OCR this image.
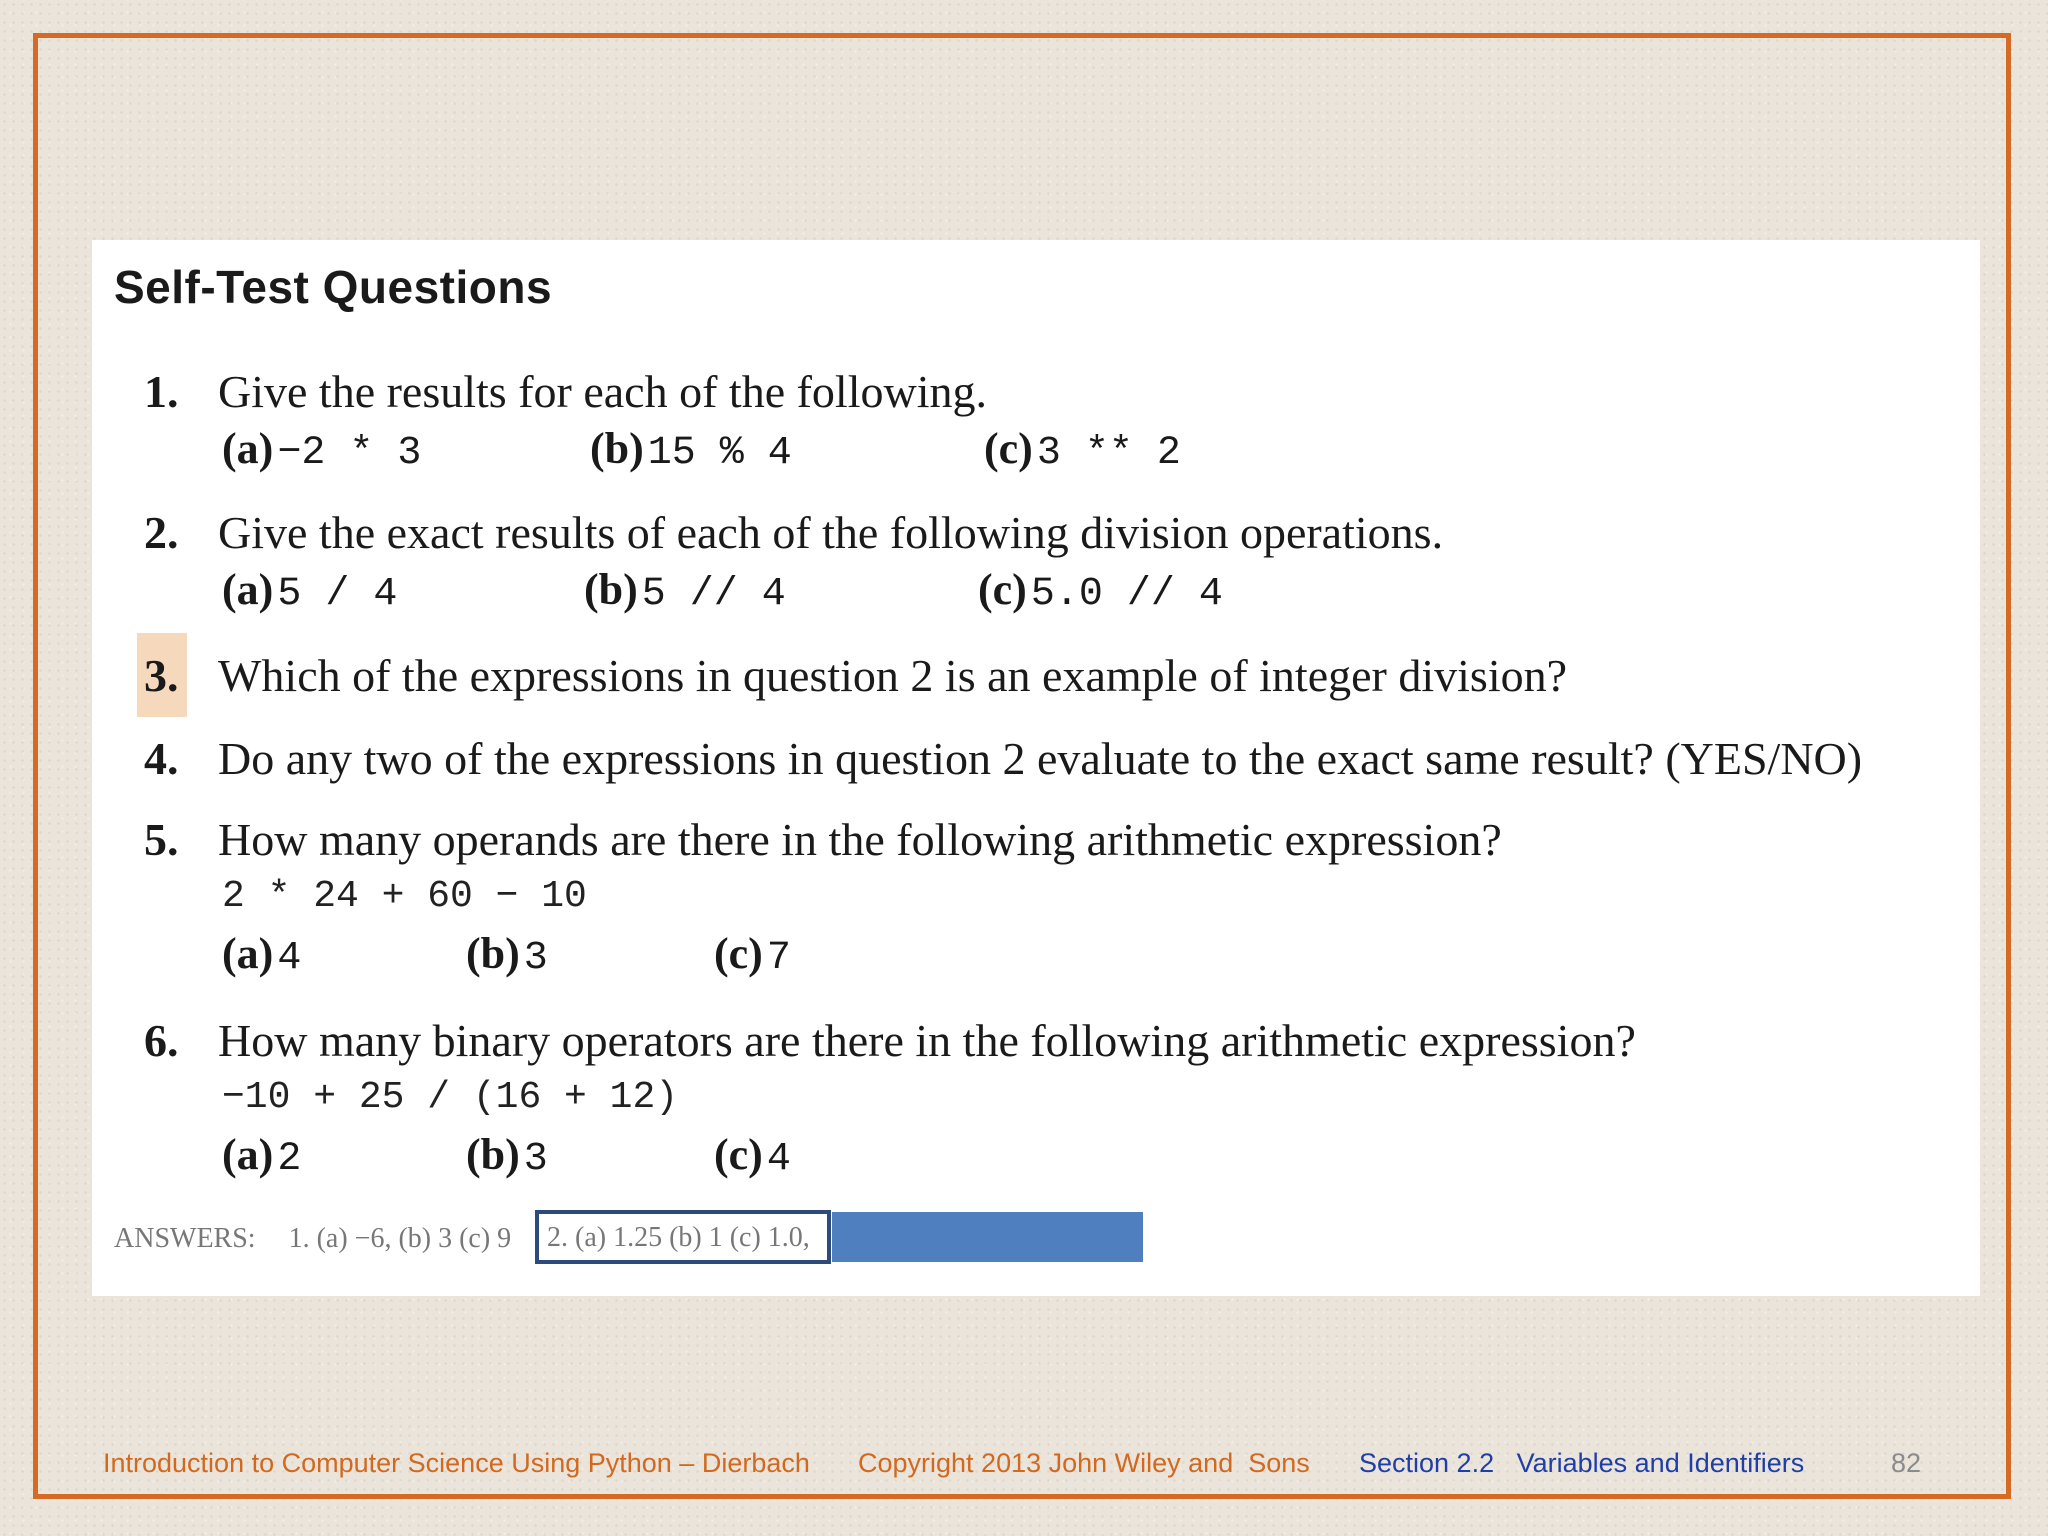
Self-Test Questions
1. Give the results for each of the following.
(a) −2 * 3	(b) 15 % 4	(c) 3 ** 2
2. Give the exact results of each of the following division operations.
(a) 5 / 4	(b) 5 // 4	(c) 5.0 // 4
3. Which of the expressions in question 2 is an example of integer division?
4. Do any two of the expressions in question 2 evaluate to the exact same result? (YES/NO)
5. How many operands are there in the following arithmetic expression?
2 * 24 + 60 − 10
(a) 4	(b) 3	(c) 7
6. How many binary operators are there in the following arithmetic expression?
−10 + 25 / (16 + 12)
(a) 2	(b) 3	(c) 4
ANSWERS: 1. (a) −6, (b) 3 (c) 9 2. (a) 1.25 (b) 1 (c) 1.0,
Introduction to Computer Science Using Python – Dierbach Copyright 2013 John Wiley and  Sons Section 2.2   Variables and Identifiers	82
